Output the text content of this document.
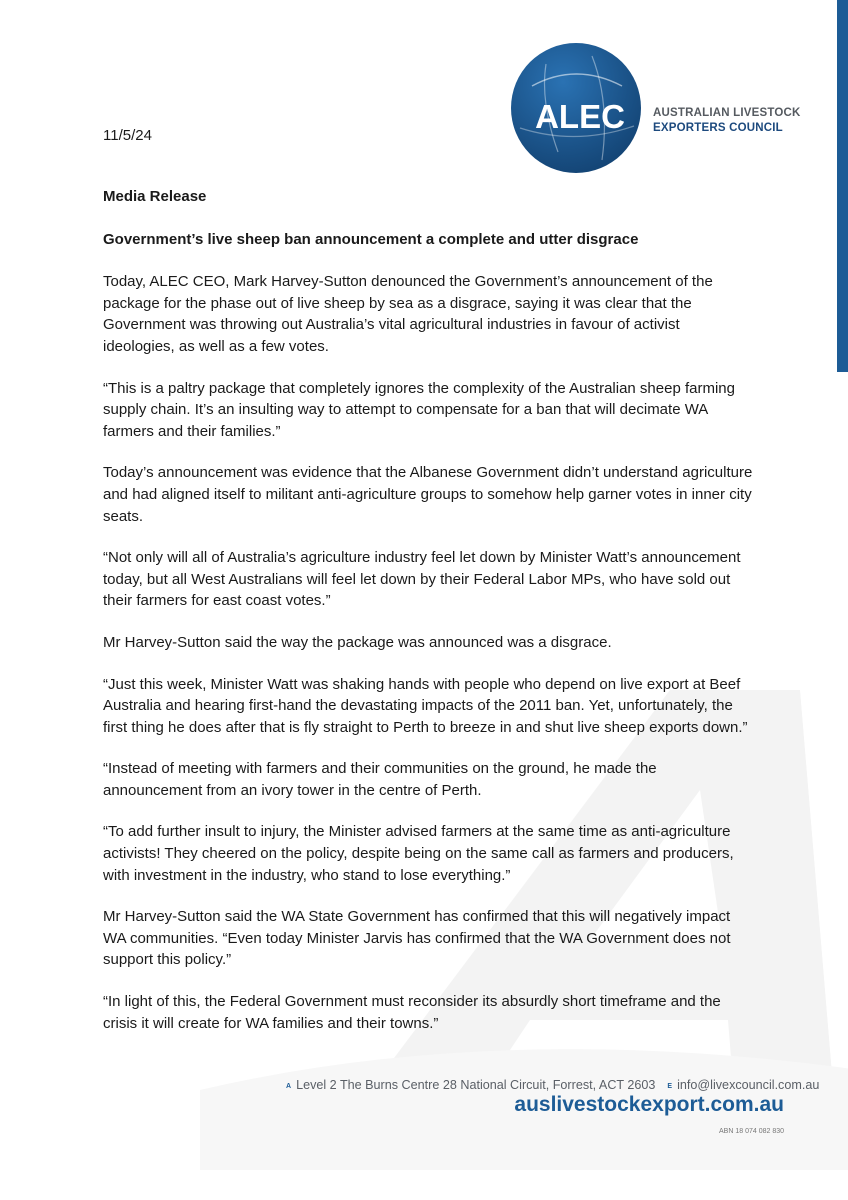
ALEC AUSTRALIAN LIVESTOCK
EXPORTERS COUNCIL
11/5/24

Media Release

Government’s live sheep ban announcement a complete and utter disgrace

Today, ALEC CEO, Mark Harvey-Sutton denounced the Government’s announcement of the package for the phase out of live sheep by sea as a disgrace, saying it was clear that the Government was throwing out Australia’s vital agricultural industries in favour of activist ideologies, as well as a few votes.

“This is a paltry package that completely ignores the complexity of the Australian sheep farming supply chain. It’s an insulting way to attempt to compensate for a ban that will decimate WA farmers and their families.”

Today’s announcement was evidence that the Albanese Government didn’t understand agriculture and had aligned itself to militant anti-agriculture groups to somehow help garner votes in inner city seats.

“Not only will all of Australia’s agriculture industry feel let down by Minister Watt’s announcement today, but all West Australians will feel let down by their Federal Labor MPs, who have sold out their farmers for east coast votes.”

Mr Harvey-Sutton said the way the package was announced was a disgrace.

“Just this week, Minister Watt was shaking hands with people who depend on live export at Beef Australia and hearing first-hand the devastating impacts of the 2011 ban. Yet, unfortunately, the first thing he does after that is fly straight to Perth to breeze in and shut live sheep exports down.”

“Instead of meeting with farmers and their communities on the ground, he made the announcement from an ivory tower in the centre of Perth.

“To add further insult to injury, the Minister advised farmers at the same time as anti-agriculture activists! They cheered on the policy, despite being on the same call as farmers and producers, with investment in the industry, who stand to lose everything.”

Mr Harvey-Sutton said the WA State Government has confirmed that this will negatively impact WA communities. “Even today Minister Jarvis has confirmed that the WA Government does not support this policy.”

“In light of this, the Federal Government must reconsider its absurdly short timeframe and the crisis it will create for WA families and their towns.”

A Level 2 The Burns Centre 28 National Circuit, Forrest, ACT 2603 E info@livexcouncil.com.au
auslivestockexport.com.au
ABN 18 074 082 830
